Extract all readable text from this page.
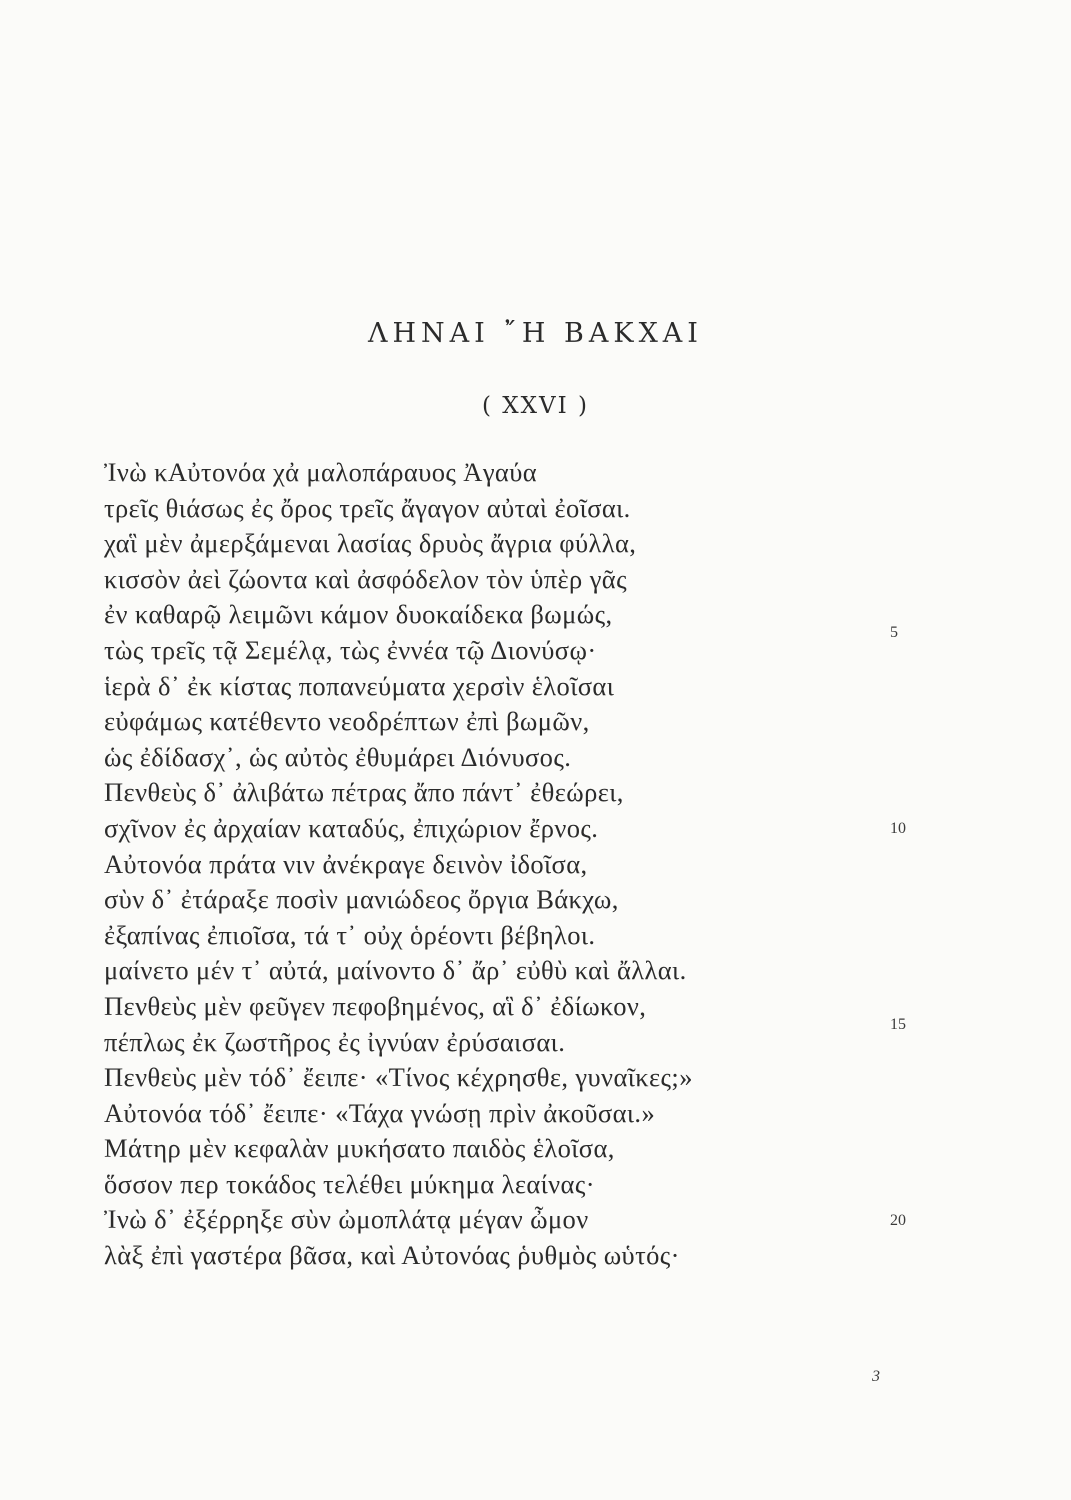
ΛΗΝΑΙ ῎Η ΒΑΚΧΑΙ
( XXVI )
Ἰνὼ κΑὐτονόα χἀ μαλοπάραυος Ἀγαύα
τρεῖς θιάσως ἐς ὄρος τρεῖς ἄγαγον αὐταὶ ἐοῖσαι.
χαἳ μὲν ἀμερξάμεναι λασίας δρυὸς ἄγρια φύλλα,
κισσὸν ἀεὶ ζώοντα καὶ ἀσφόδελον τὸν ὑπὲρ γᾶς
ἐν καθαρῷ λειμῶνι κάμον δυοκαίδεκα βωμώς,
τὼς τρεῖς τᾷ Σεμέλᾳ, τὼς ἐννέα τῷ Διονύσῳ·
ἱερὰ δ᾽ ἐκ κίστας ποπανεύματα χερσὶν ἑλοῖσαι
εὐφάμως κατέθεντο νεοδρέπτων ἐπὶ βωμῶν,
ὡς ἐδίδασχ᾽, ὡς αὐτὸς ἐθυμάρει Διόνυσος.
Πενθεὺς δ᾽ ἀλιβάτω πέτρας ἄπο πάντ᾽ ἐθεώρει,
σχῖνον ἐς ἀρχαίαν καταδύς, ἐπιχώριον ἔρνος.
Αὐτονόα πράτα νιν ἀνέκραγε δεινὸν ἰδοῖσα,
σὺν δ᾽ ἐτάραξε ποσὶν μανιώδεος ὄργια Βάκχω,
ἐξαπίνας ἐπιοῖσα, τά τ᾽ οὐχ ὁρέοντι βέβηλοι.
μαίνετο μέν τ᾽ αὐτά, μαίνοντο δ᾽ ἄρ᾽ εὐθὺ καὶ ἄλλαι.
Πενθεὺς μὲν φεῦγεν πεφοβημένος, αἳ δ᾽ ἐδίωκον,
πέπλως ἐκ ζωστῆρος ἐς ἰγνύαν ἐρύσαισαι.
Πενθεὺς μὲν τόδ᾽ ἔειπε· «Τίνος κέχρησθε, γυναῖκες;»
Αὐτονόα τόδ᾽ ἔειπε· «Τάχα γνώσῃ πρὶν ἀκοῦσαι.»
Μάτηρ μὲν κεφαλὰν μυκήσατο παιδὸς ἑλοῖσα,
ὅσσον περ τοκάδος τελέθει μύκημα λεαίνας·
Ἰνὼ δ᾽ ἐξέρρηξε σὺν ὠμοπλάτᾳ μέγαν ὦμον
λὰξ ἐπὶ γαστέρα βᾶσα, καὶ Αὐτονόας ῥυθμὸς ωὑτός·
5
10
15
20
3
